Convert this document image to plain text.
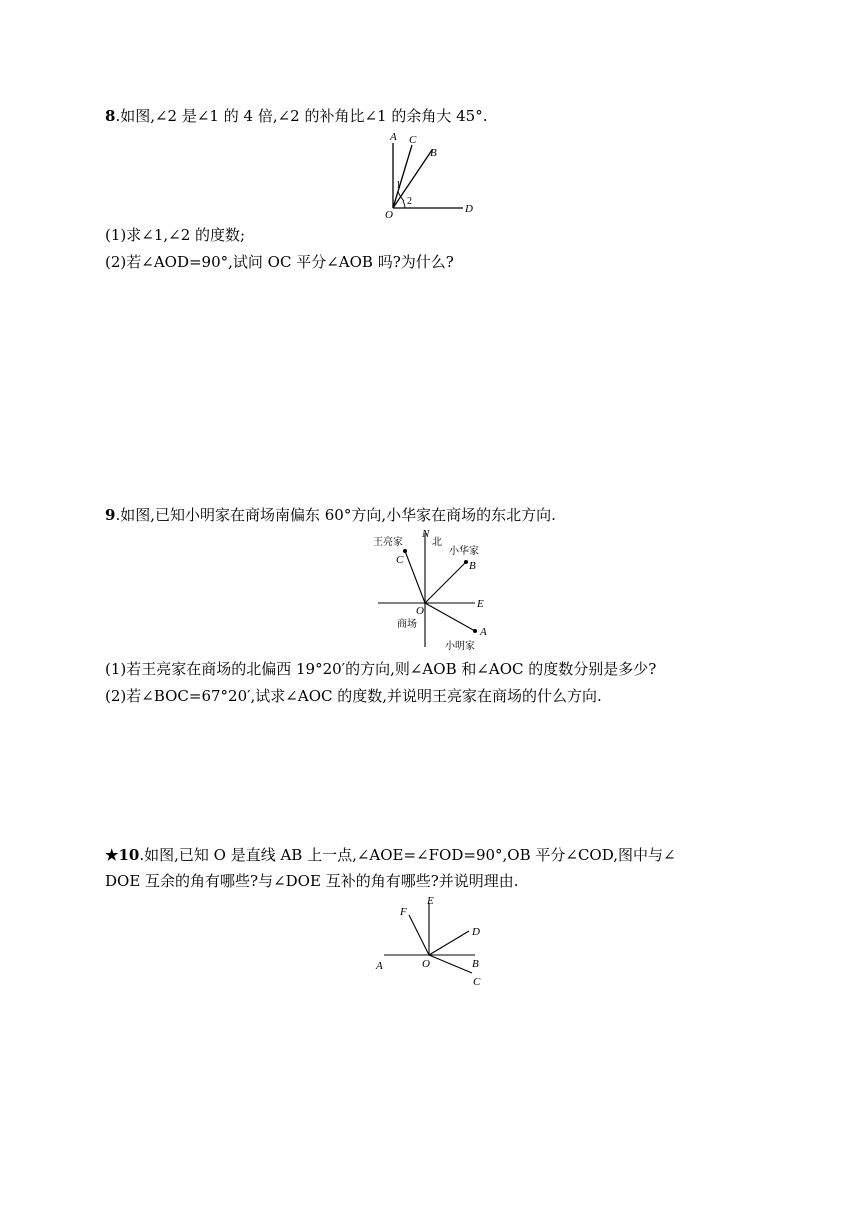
8.如图,∠2 是∠1 的 4 倍,∠2 的补角比∠1 的余角大 45°.
A C
B
D
O
1
2
(1)求∠1,∠2 的度数;
(2)若∠AOD=90°,试问 OC 平分∠AOB 吗?为什么?
9.如图,已知小明家在商场南偏东 60°方向,小华家在商场的东北方向.
N
北
王亮家
小华家
C	B
E
O
商场
小明家
A
(1)若王亮家在商场的北偏西 19°20′的方向,则∠AOB 和∠AOC 的度数分别是多少?
(2)若∠BOC=67°20′,试求∠AOC 的度数,并说明王亮家在商场的什么方向.
★10.如图,已知 O 是直线 AB 上一点,∠AOE=∠FOD=90°,OB 平分∠COD,图中与∠
DOE 互余的角有哪些?与∠DOE 互补的角有哪些?并说明理由.
F
E
D
A	O	B
C
